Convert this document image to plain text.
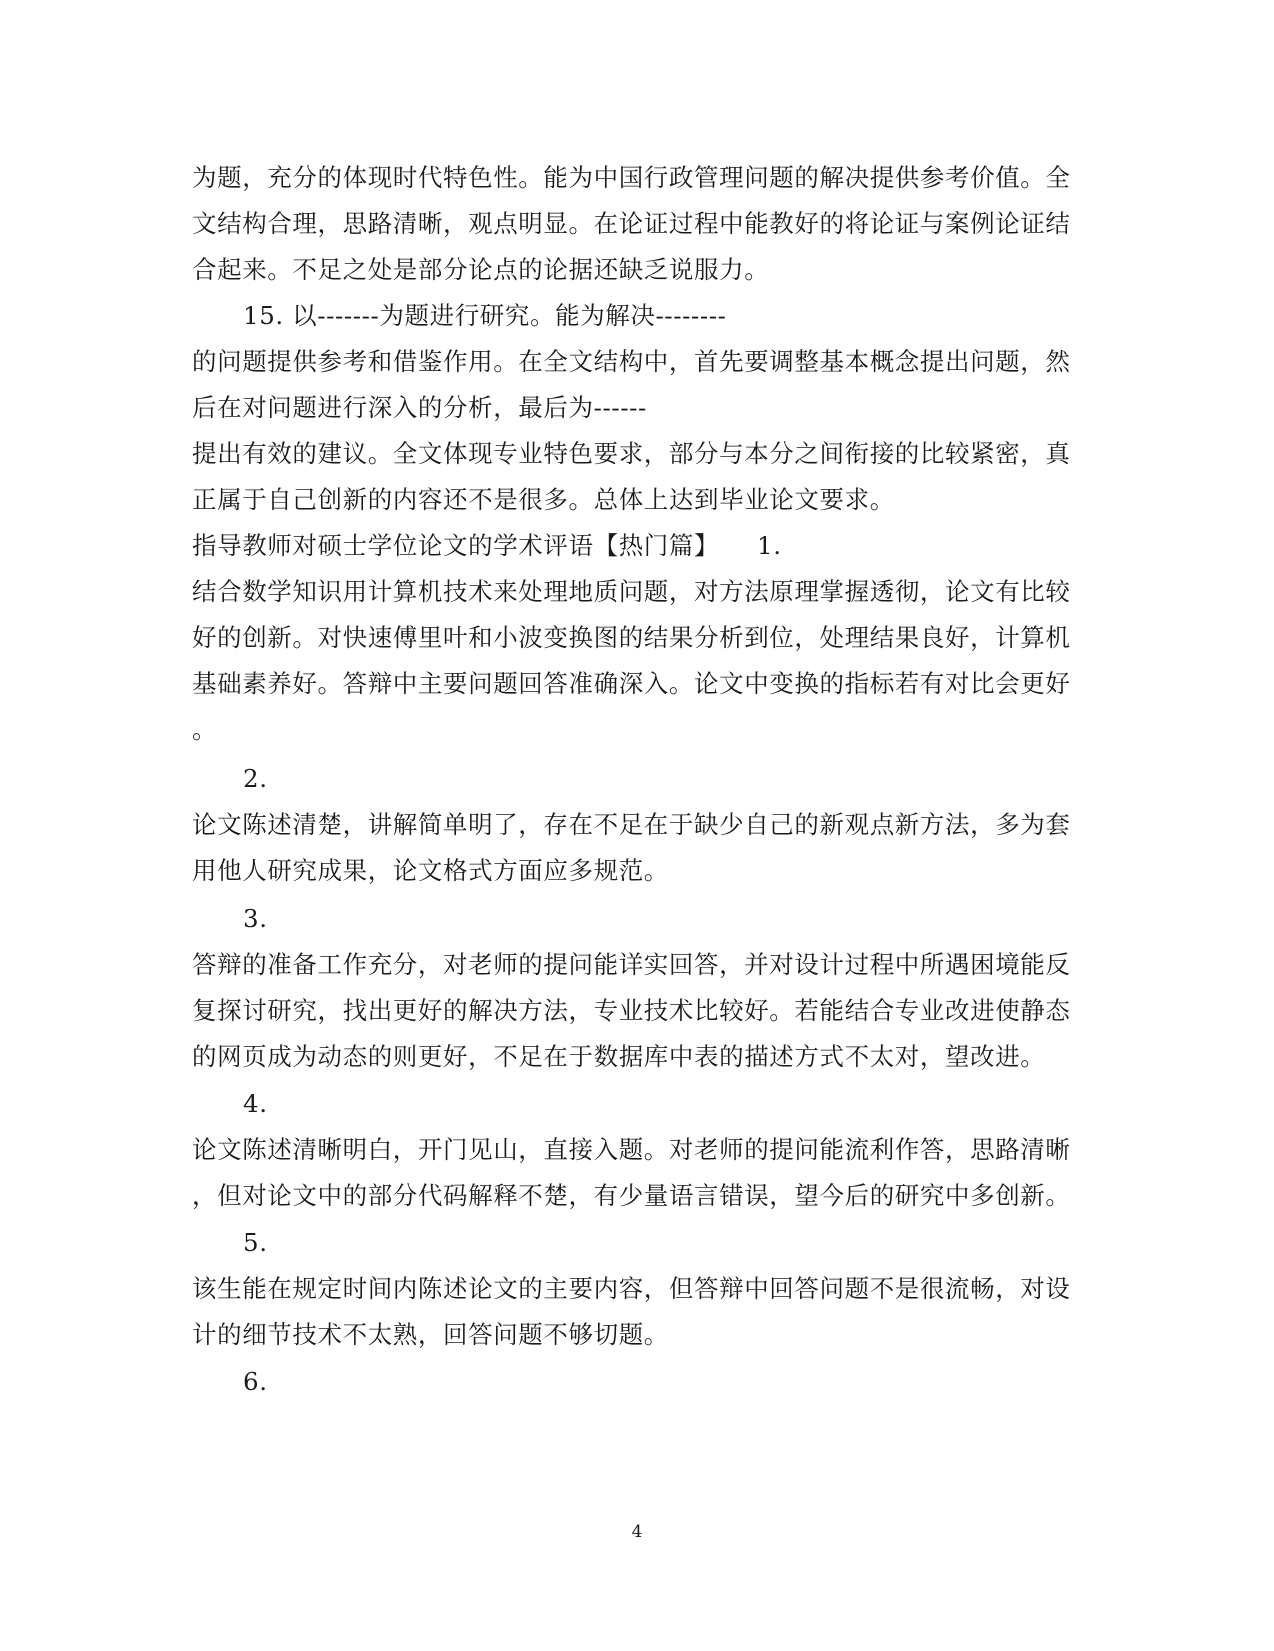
为题，充分的体现时代特色性。能为中国行政管理问题的解决提供参考价值。全
文结构合理，思路清晰，观点明显。在论证过程中能教好的将论证与案例论证结
合起来。不足之处是部分论点的论据还缺乏说服力。
15. 以-------为题进行研究。能为解决--------
的问题提供参考和借鉴作用。在全文结构中，首先要调整基本概念提出问题，然
后在对问题进行深入的分析，最后为------
提出有效的建议。全文体现专业特色要求，部分与本分之间衔接的比较紧密，真
正属于自己创新的内容还不是很多。总体上达到毕业论文要求。
指导教师对硕士学位论文的学术评语【热门篇】　　1.
结合数学知识用计算机技术来处理地质问题，对方法原理掌握透彻，论文有比较
好的创新。对快速傅里叶和小波变换图的结果分析到位，处理结果良好，计算机
基础素养好。答辩中主要问题回答准确深入。论文中变换的指标若有对比会更好
。
2.
论文陈述清楚，讲解简单明了，存在不足在于缺少自己的新观点新方法，多为套
用他人研究成果，论文格式方面应多规范。
3.
答辩的准备工作充分，对老师的提问能详实回答，并对设计过程中所遇困境能反
复探讨研究，找出更好的解决方法，专业技术比较好。若能结合专业改进使静态
的网页成为动态的则更好，不足在于数据库中表的描述方式不太对，望改进。
4.
论文陈述清晰明白，开门见山，直接入题。对老师的提问能流利作答，思路清晰
，但对论文中的部分代码解释不楚，有少量语言错误，望今后的研究中多创新。
5.
该生能在规定时间内陈述论文的主要内容，但答辩中回答问题不是很流畅，对设
计的细节技术不太熟，回答问题不够切题。
6.
4
